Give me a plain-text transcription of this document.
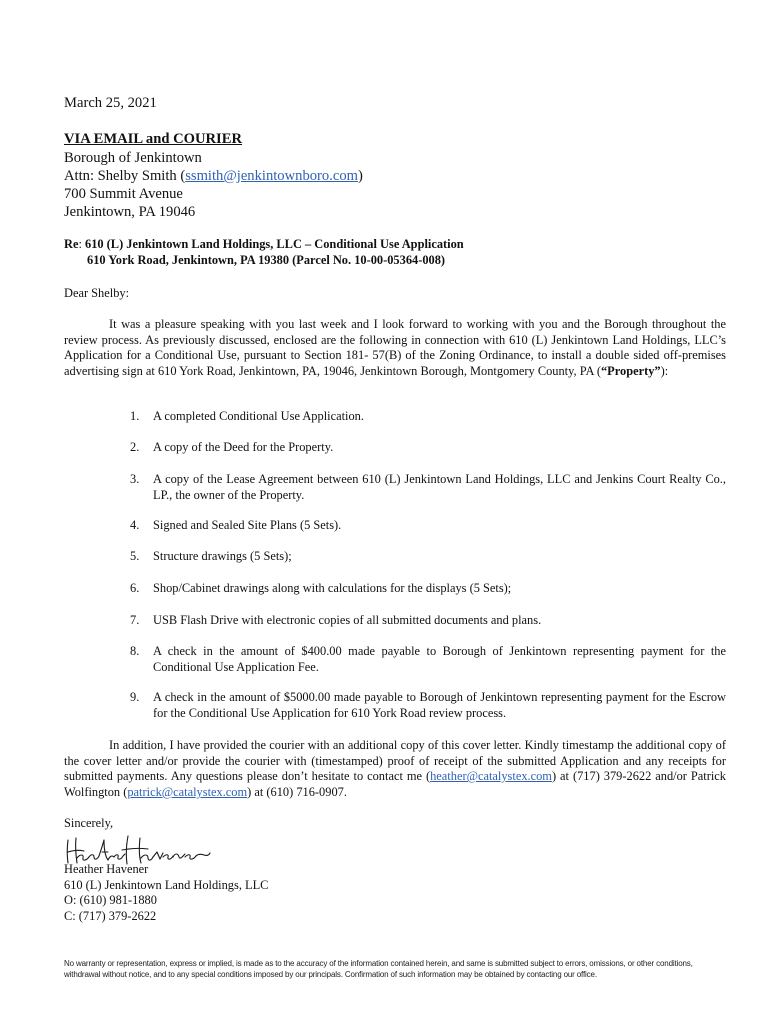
March 25, 2021
VIA EMAIL and COURIER
Borough of Jenkintown
Attn: Shelby Smith (ssmith@jenkintownboro.com)
700 Summit Avenue
Jenkintown, PA 19046
Re: 610 (L) Jenkintown Land Holdings, LLC – Conditional Use Application
610 York Road, Jenkintown, PA 19380 (Parcel No. 10-00-05364-008)
Dear Shelby:
It was a pleasure speaking with you last week and I look forward to working with you and the Borough throughout the review process. As previously discussed, enclosed are the following in connection with 610 (L) Jenkintown Land Holdings, LLC’s Application for a Conditional Use, pursuant to Section 181- 57(B) of the Zoning Ordinance, to install a double sided off-premises advertising sign at 610 York Road, Jenkintown, PA, 19046, Jenkintown Borough, Montgomery County, PA (“Property”):
1.	A completed Conditional Use Application.
2.	A copy of the Deed for the Property.
3.	A copy of the Lease Agreement between 610 (L) Jenkintown Land Holdings, LLC and Jenkins Court Realty Co., LP., the owner of the Property.
4.	Signed and Sealed Site Plans (5 Sets).
5.	Structure drawings (5 Sets);
6.	Shop/Cabinet drawings along with calculations for the displays (5 Sets);
7.	USB Flash Drive with electronic copies of all submitted documents and plans.
8.	A check in the amount of $400.00 made payable to Borough of Jenkintown representing payment for the Conditional Use Application Fee.
9.	A check in the amount of $5000.00 made payable to Borough of Jenkintown representing payment for the Escrow for the Conditional Use Application for 610 York Road review process.
In addition, I have provided the courier with an additional copy of this cover letter. Kindly timestamp the additional copy of the cover letter and/or provide the courier with (timestamped) proof of receipt of the submitted Application and any receipts for submitted payments. Any questions please don’t hesitate to contact me (heather@catalystex.com) at (717) 379-2622 and/or Patrick Wolfington (patrick@catalystex.com) at (610) 716-0907.
Sincerely,
Heather Havener
610 (L) Jenkintown Land Holdings, LLC
O: (610) 981-1880
C: (717) 379-2622
No warranty or representation, express or implied, is made as to the accuracy of the information contained herein, and same is submitted subject to errors, omissions, or other conditions, withdrawal without notice, and to any special conditions imposed by our principals. Confirmation of such information may be obtained by contacting our office.
